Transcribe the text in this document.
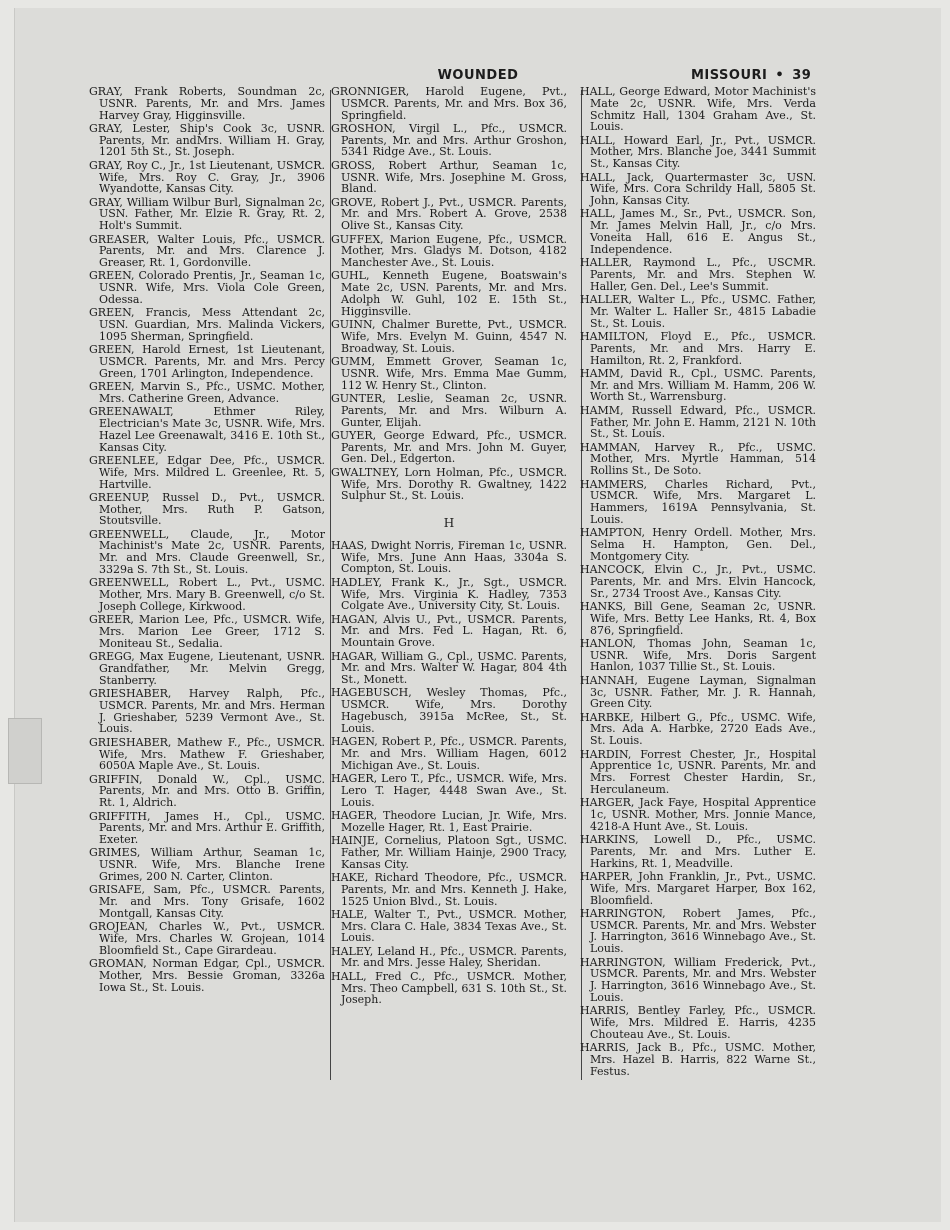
WOUNDED	MISSOURI • 39

GRAY, Frank Roberts, Soundman 2c, USNR. Parents, Mr. and Mrs. James Harvey Gray, Higginsville.

GRAY, Lester, Ship's Cook 3c, USNR. Parents, Mr. andMrs. William H. Gray, 1201 5th St., St. Joseph.

GRAY, Roy C., Jr., 1st Lieutenant, USMCR. Wife, Mrs. Roy C. Gray, Jr., 3906 Wyandotte, Kansas City.

GRAY, William Wilbur Burl, Signalman 2c, USN. Father, Mr. Elzie R. Gray, Rt. 2, Holt's Summit.

GREASER, Walter Louis, Pfc., USMCR. Parents, Mr. and Mrs. Clarence J. Greaser, Rt. 1, Gordonville.

GREEN, Colorado Prentis, Jr., Seaman 1c, USNR. Wife, Mrs. Viola Cole Green, Odessa.

GREEN, Francis, Mess Attendant 2c, USN. Guardian, Mrs. Malinda Vickers, 1095 Sherman, Springfield.

GREEN, Harold Ernest, 1st Lieutenant, USMCR. Parents, Mr. and Mrs. Percy Green, 1701 Arlington, Independence.

GREEN, Marvin S., Pfc., USMC. Mother, Mrs. Catherine Green, Advance.

GREENAWALT, Ethmer Riley, Electrician's Mate 3c, USNR. Wife, Mrs. Hazel Lee Greenawalt, 3416 E. 10th St., Kansas City.

GREENLEE, Edgar Dee, Pfc., USMCR. Wife, Mrs. Mildred L. Greenlee, Rt. 5, Hartville.

GREENUP, Russel D., Pvt., USMCR. Mother, Mrs. Ruth P. Gatson, Stoutsville.

GREENWELL, Claude, Jr., Motor Machinist's Mate 2c, USNR. Parents, Mr. and Mrs. Claude Greenwell, Sr., 3329a S. 7th St., St. Louis.

GREENWELL, Robert L., Pvt., USMC. Mother, Mrs. Mary B. Greenwell, c/o St. Joseph College, Kirkwood.

GREER, Marion Lee, Pfc., USMCR. Wife, Mrs. Marion Lee Greer, 1712 S. Moniteau St., Sedalia.

GREGG, Max Eugene, Lieutenant, USNR. Grandfather, Mr. Melvin Gregg, Stanberry.

GRIESHABER, Harvey Ralph, Pfc., USMCR. Parents, Mr. and Mrs. Herman J. Grieshaber, 5239 Vermont Ave., St. Louis.

GRIESHABER, Mathew F., Pfc., USMCR. Wife, Mrs. Mathew F. Grieshaber, 6050A Maple Ave., St. Louis.

GRIFFIN, Donald W., Cpl., USMC. Parents, Mr. and Mrs. Otto B. Griffin, Rt. 1, Aldrich.

GRIFFITH, James H., Cpl., USMC. Parents, Mr. and Mrs. Arthur E. Griffith, Exeter.

GRIMES, William Arthur, Seaman 1c, USNR. Wife, Mrs. Blanche Irene Grimes, 200 N. Carter, Clinton.

GRISAFE, Sam, Pfc., USMCR. Parents, Mr. and Mrs. Tony Grisafe, 1602 Montgall, Kansas City.

GROJEAN, Charles W., Pvt., USMCR. Wife, Mrs. Charles W. Grojean, 1014 Bloomfield St., Cape Girardeau.

GROMAN, Norman Edgar, Cpl., USMCR. Mother, Mrs. Bessie Groman, 3326a Iowa St., St. Louis.

GRONNIGER, Harold Eugene, Pvt., USMCR. Parents, Mr. and Mrs. Box 36, Springfield.

GROSHON, Virgil L., Pfc., USMCR. Parents, Mr. and Mrs. Arthur Groshon, 5341 Ridge Ave., St. Louis.

GROSS, Robert Arthur, Seaman 1c, USNR. Wife, Mrs. Josephine M. Gross, Bland.

GROVE, Robert J., Pvt., USMCR. Parents, Mr. and Mrs. Robert A. Grove, 2538 Olive St., Kansas City.

GUFFEX, Marion Eugene, Pfc., USMCR. Mother, Mrs. Gladys M. Dotson, 4182 Manchester Ave., St. Louis.

GUHL, Kenneth Eugene, Boatswain's Mate 2c, USN. Parents, Mr. and Mrs. Adolph W. Guhl, 102 E. 15th St., Higginsville.

GUINN, Chalmer Burette, Pvt., USMCR. Wife, Mrs. Evelyn M. Guinn, 4547 N. Broadway, St. Louis.

GUMM, Emmett Grover, Seaman 1c, USNR. Wife, Mrs. Emma Mae Gumm, 112 W. Henry St., Clinton.

GUNTER, Leslie, Seaman 2c, USNR. Parents, Mr. and Mrs. Wilburn A. Gunter, Elijah.

GUYER, George Edward, Pfc., USMCR. Parents, Mr. and Mrs. John M. Guyer, Gen. Del., Edgerton.

GWALTNEY, Lorn Holman, Pfc., USMCR. Wife, Mrs. Dorothy R. Gwaltney, 1422 Sulphur St., St. Louis.

H

HAAS, Dwight Norris, Fireman 1c, USNR. Wife, Mrs. June Ann Haas, 3304a S. Compton, St. Louis.

HADLEY, Frank K., Jr., Sgt., USMCR. Wife, Mrs. Virginia K. Hadley, 7353 Colgate Ave., University City, St. Louis.

HAGAN, Alvis U., Pvt., USMCR. Parents, Mr. and Mrs. Fed L. Hagan, Rt. 6, Mountain Grove.

HAGAR, William G., Cpl., USMC. Parents, Mr. and Mrs. Walter W. Hagar, 804 4th St., Monett.

HAGEBUSCH, Wesley Thomas, Pfc., USMCR. Wife, Mrs. Dorothy Hagebusch, 3915a McRee, St., St. Louis.

HAGEN, Robert P., Pfc., USMCR. Parents, Mr. and Mrs. William Hagen, 6012 Michigan Ave., St. Louis.

HAGER, Lero T., Pfc., USMCR. Wife, Mrs. Lero T. Hager, 4448 Swan Ave., St. Louis.

HAGER, Theodore Lucian, Jr. Wife, Mrs. Mozelle Hager, Rt. 1, East Prairie.

HAINJE, Cornelius, Platoon Sgt., USMC. Father, Mr. William Hainje, 2900 Tracy, Kansas City.

HAKE, Richard Theodore, Pfc., USMCR. Parents, Mr. and Mrs. Kenneth J. Hake, 1525 Union Blvd., St. Louis.

HALE, Walter T., Pvt., USMCR. Mother, Mrs. Clara C. Hale, 3834 Texas Ave., St. Louis.

HALEY, Leland H., Pfc., USMCR. Parents, Mr. and Mrs. Jesse Haley, Sheridan.

HALL, Fred C., Pfc., USMCR. Mother, Mrs. Theo Campbell, 631 S. 10th St., St. Joseph.

HALL, George Edward, Motor Machinist's Mate 2c, USNR. Wife, Mrs. Verda Schmitz Hall, 1304 Graham Ave., St. Louis.

HALL, Howard Earl, Jr., Pvt., USMCR. Mother, Mrs. Blanche Joe, 3441 Summit St., Kansas City.

HALL, Jack, Quartermaster 3c, USN. Wife, Mrs. Cora Schrildy Hall, 5805 St. John, Kansas City.

HALL, James M., Sr., Pvt., USMCR. Son, Mr. James Melvin Hall, Jr., c/o Mrs. Voneita Hall, 616 E. Angus St., Independence.

HALLER, Raymond L., Pfc., USCMR. Parents, Mr. and Mrs. Stephen W. Haller, Gen. Del., Lee's Summit.

HALLER, Walter L., Pfc., USMC. Father, Mr. Walter L. Haller Sr., 4815 Labadie St., St. Louis.

HAMILTON, Floyd E., Pfc., USMCR. Parents, Mr. and Mrs. Harry E. Hamilton, Rt. 2, Frankford.

HAMM, David R., Cpl., USMC. Parents, Mr. and Mrs. William M. Hamm, 206 W. Worth St., Warrensburg.

HAMM, Russell Edward, Pfc., USMCR. Father, Mr. John E. Hamm, 2121 N. 10th St., St. Louis.

HAMMAN, Harvey R., Pfc., USMC. Mother, Mrs. Myrtle Hamman, 514 Rollins St., De Soto.

HAMMERS, Charles Richard, Pvt., USMCR. Wife, Mrs. Margaret L. Hammers, 1619A Pennsylvania, St. Louis.

HAMPTON, Henry Ordell. Mother, Mrs. Selma H. Hampton, Gen. Del., Montgomery City.

HANCOCK, Elvin C., Jr., Pvt., USMC. Parents, Mr. and Mrs. Elvin Hancock, Sr., 2734 Troost Ave., Kansas City.

HANKS, Bill Gene, Seaman 2c, USNR. Wife, Mrs. Betty Lee Hanks, Rt. 4, Box 876, Springfield.

HANLON, Thomas John, Seaman 1c, USNR. Wife, Mrs. Doris Sargent Hanlon, 1037 Tillie St., St. Louis.

HANNAH, Eugene Layman, Signalman 3c, USNR. Father, Mr. J. R. Hannah, Green City.

HARBKE, Hilbert G., Pfc., USMC. Wife, Mrs. Ada A. Harbke, 2720 Eads Ave., St. Louis.

HARDIN, Forrest Chester, Jr., Hospital Apprentice 1c, USNR. Parents, Mr. and Mrs. Forrest Chester Hardin, Sr., Herculaneum.

HARGER, Jack Faye, Hospital Apprentice 1c, USNR. Mother, Mrs. Jonnie Mance, 4218-A Hunt Ave., St. Louis.

HARKINS, Lowell D., Pfc., USMC. Parents, Mr. and Mrs. Luther E. Harkins, Rt. 1, Meadville.

HARPER, John Franklin, Jr., Pvt., USMC. Wife, Mrs. Margaret Harper, Box 162, Bloomfield.

HARRINGTON, Robert James, Pfc., USMCR. Parents, Mr. and Mrs. Webster J. Harrington, 3616 Winnebago Ave., St. Louis.

HARRINGTON, William Frederick, Pvt., USMCR. Parents, Mr. and Mrs. Webster J. Harrington, 3616 Winnebago Ave., St. Louis.

HARRIS, Bentley Farley, Pfc., USMCR. Wife, Mrs. Mildred E. Harris, 4235 Chouteau Ave., St. Louis.

HARRIS, Jack B., Pfc., USMC. Mother, Mrs. Hazel B. Harris, 822 Warne St., Festus.
